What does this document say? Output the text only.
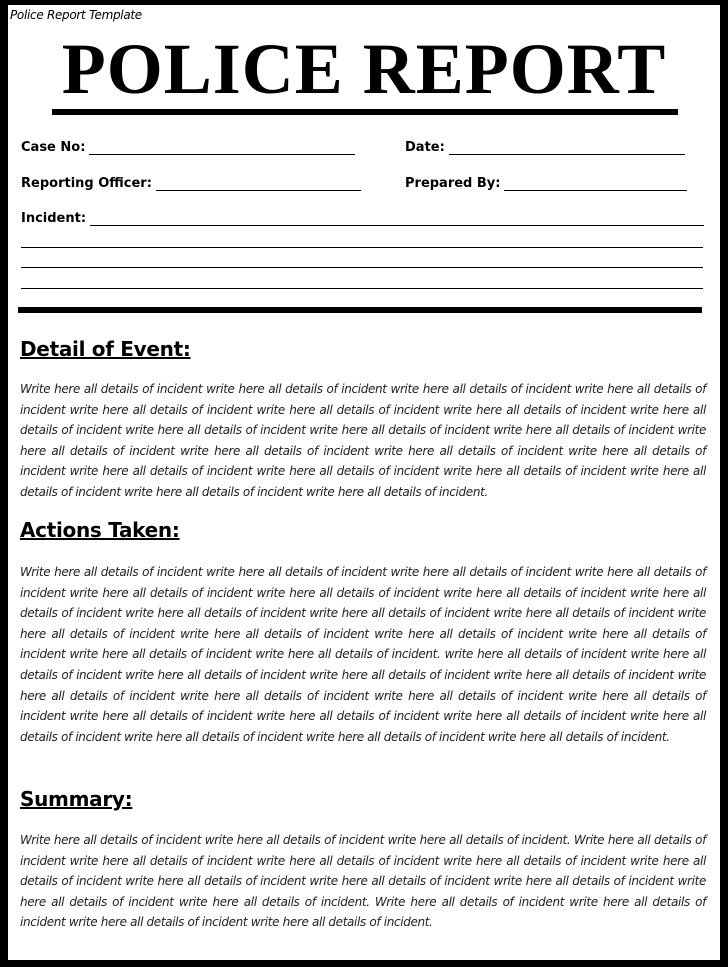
Police Report Template
POLICE REPORT
Case No:	Date:
Reporting Officer:	Prepared By:
Incident:
Detail of Event:
Write here all details of incident write here all details of incident write here all details of incident write here all details of incident write here all details of incident write here all details of incident write here all details of incident write here all details of incident write here all details of incident write here all details of incident write here all details of incident write here all details of incident write here all details of incident write here all details of incident write here all details of incident write here all details of incident write here all details of incident write here all details of incident write here all details of incident write here all details of incident write here all details of incident.
Actions Taken:
Write here all details of incident write here all details of incident write here all details of incident write here all details of incident write here all details of incident write here all details of incident write here all details of incident write here all details of incident write here all details of incident write here all details of incident write here all details of incident write here all details of incident write here all details of incident write here all details of incident write here all details of incident write here all details of incident write here all details of incident. write here all details of incident write here all details of incident write here all details of incident write here all details of incident write here all details of incident write here all details of incident write here all details of incident write here all details of incident write here all details of incident write here all details of incident write here all details of incident write here all details of incident write here all details of incident write here all details of incident write here all details of incident write here all details of incident.
Summary:
Write here all details of incident write here all details of incident write here all details of incident. Write here all details of incident write here all details of incident write here all details of incident write here all details of incident write here all details of incident write here all details of incident write here all details of incident write here all details of incident write here all details of incident write here all details of incident. Write here all details of incident write here all details of incident write here all details of incident write here all details of incident.
